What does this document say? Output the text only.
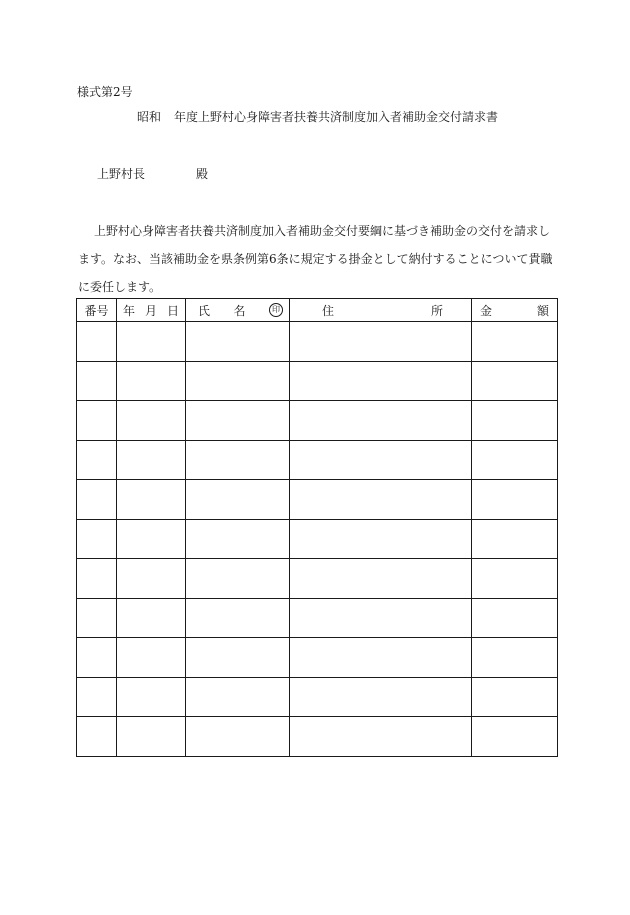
様式第2号
昭和 年度上野村心身障害者扶養共済制度加入者補助金交付請求書
上野村長	殿
上野村心身障害者扶養共済制度加入者補助金交付要綱に基づき補助金の交付を請求し
ます。なお、当該補助金を県条例第6条に規定する掛金として納付することについて貴職
に委任します。
番号	年 月 日	氏 名 印	住 所	金 額
